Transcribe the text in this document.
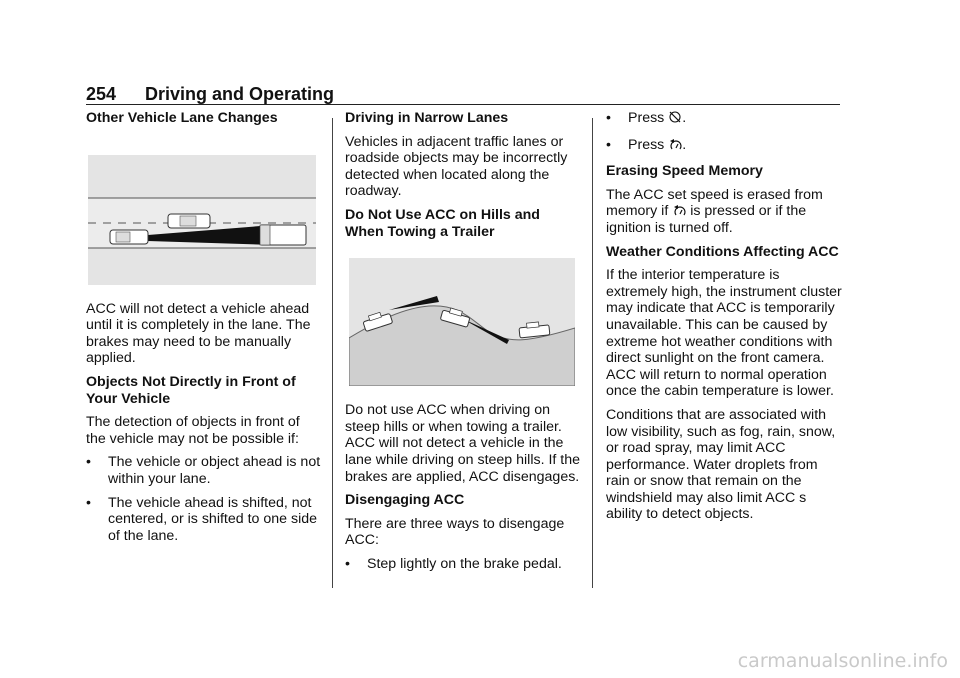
254 Driving and Operating
Other Vehicle Lane Changes

ACC will not detect a vehicle ahead until it is completely in the lane. The brakes may need to be manually applied.

Objects Not Directly in Front of Your Vehicle

The detection of objects in front of the vehicle may not be possible if:

• The vehicle or object ahead is not within your lane.
• The vehicle ahead is shifted, not centered, or is shifted to one side of the lane.
Driving in Narrow Lanes

Vehicles in adjacent traffic lanes or roadside objects may be incorrectly detected when located along the roadway.

Do Not Use ACC on Hills and When Towing a Trailer

Do not use ACC when driving on steep hills or when towing a trailer. ACC will not detect a vehicle in the lane while driving on steep hills. If the brakes are applied, ACC disengages.

Disengaging ACC

There are three ways to disengage ACC:

• Step lightly on the brake pedal.
• Press .
• Press .
Erasing Speed Memory

The ACC set speed is erased from memory if is pressed or if the ignition is turned off.

Weather Conditions Affecting ACC

If the interior temperature is extremely high, the instrument cluster may indicate that ACC is temporarily unavailable. This can be caused by extreme hot weather conditions with direct sunlight on the front camera. ACC will return to normal operation once the cabin temperature is lower.

Conditions that are associated with low visibility, such as fog, rain, snow, or road spray, may limit ACC performance. Water droplets from rain or snow that remain on the windshield may also limit ACC s ability to detect objects.

carmanualsonline.info
